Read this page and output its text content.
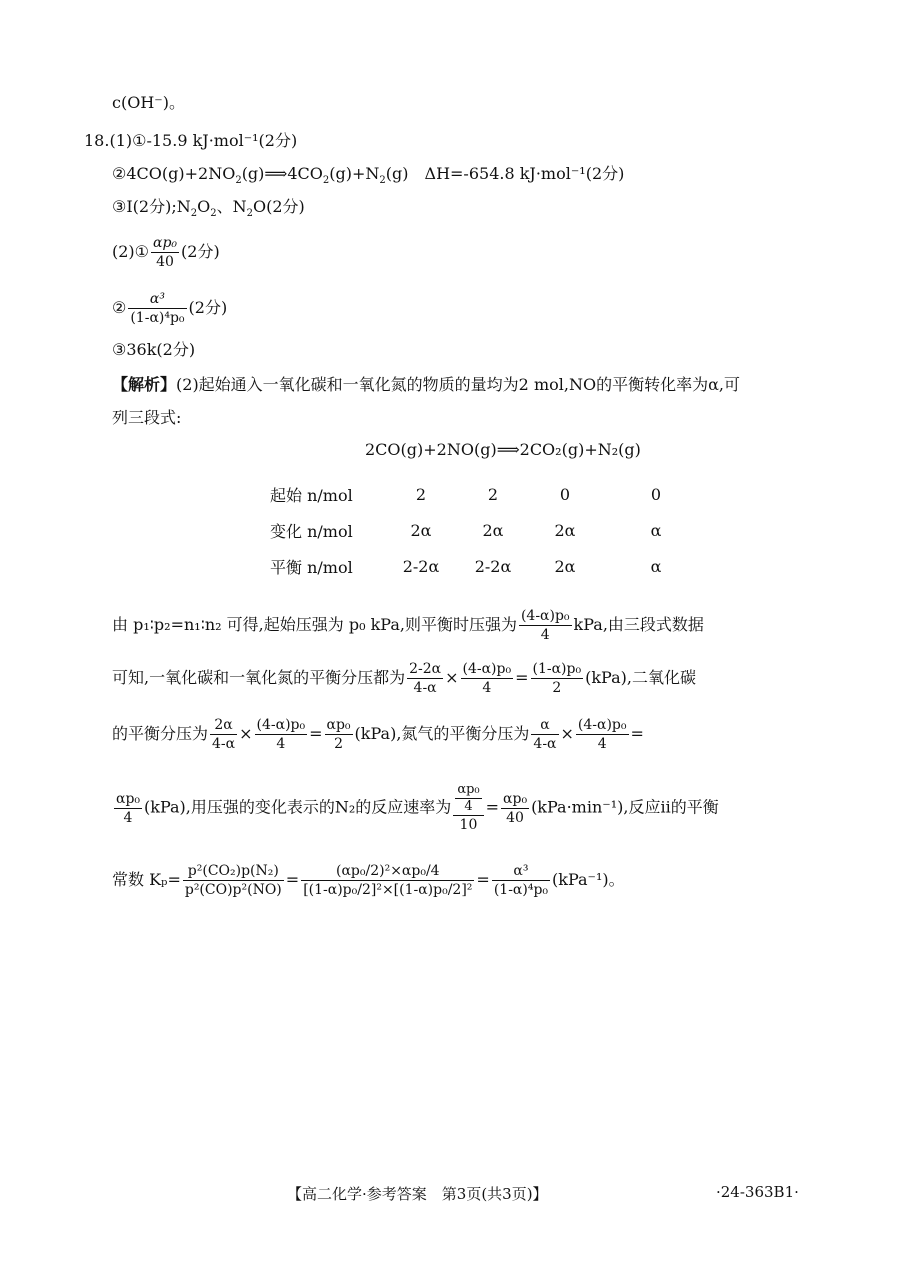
c(OH⁻)。
18.(1)①-15.9 kJ·mol⁻¹(2分)
$②4CO(g)+2NO_2(g)⟹4CO_2(g)+N_2(g)$　ΔH=-654.8 kJ·mol⁻¹(2分)
③Ⅰ(2分)$;N_2O_2$、$N_2O(2$分)
(2)① $\frac{\text{αp₀}}{40} (2$分)
② $\frac{\text{α³}}{\text{(1-α)⁴p₀}} (2$分)
③36k(2分)
【解析】(2)起始通入一氧化碳和一氧化氮的物质的量均为2 mol,NO的平衡转化率为α,可
列三段式:
2CO(g)+2NO(g)⟹2CO₂(g)+N₂(g)
起始 n/mol	2	2	0	0
变化 n/mol	2α	2α	2α	α
平衡 n/mol	2-2α	2-2α	2α	α
由 p₁∶p₂=n₁∶n₂ 可得,起始压强为 p₀ kPa,则平衡时压强为 $\frac{\text{(4-α)p₀}}{4}$ kPa,由三段式数据
可知,一氧化碳和一氧化氮的平衡分压都为 $\frac{2-2\alpha}{4-\alpha} \times \frac{\text{(4-α)p₀}}{4} = \frac{\text{(1-α)p₀}}{2} (kPa)$,二氧化碳
的平衡分压为 $\frac{2\alpha}{4-\alpha} \times \frac{\text{(4-α)p₀}}{4} = \frac{\text{αp₀}}{2} (kPa)$,氮气的平衡分压为 $\frac{\alpha}{4-\alpha} \times \frac{\text{(4-α)p₀}}{4}$ =
$\frac{\text{αp₀}}{4} (kPa)$,用压强的变化表示的N₂的反应速率为 $\frac{\frac{\text{αp₀}}{4}}{10} = \frac{\text{αp₀}}{40} (kPa\cdot\min^{-1})$,反应ⅱ的平衡
常数 $K_p= \frac{\text{p²(CO₂)p(N₂)}}{\text{p²(CO)p²(NO)}} = \frac{\text{(αp₀/2)²×αp₀/4}}{\text{[(1-α)p₀/2]²×[(1-α)p₀/2]²}} = \frac{\text{α³}}{\text{(1-α)⁴p₀}} (kPa^{-1})$。
【高二化学·参考答案　第3页(共3页)】	·24-363B1·
